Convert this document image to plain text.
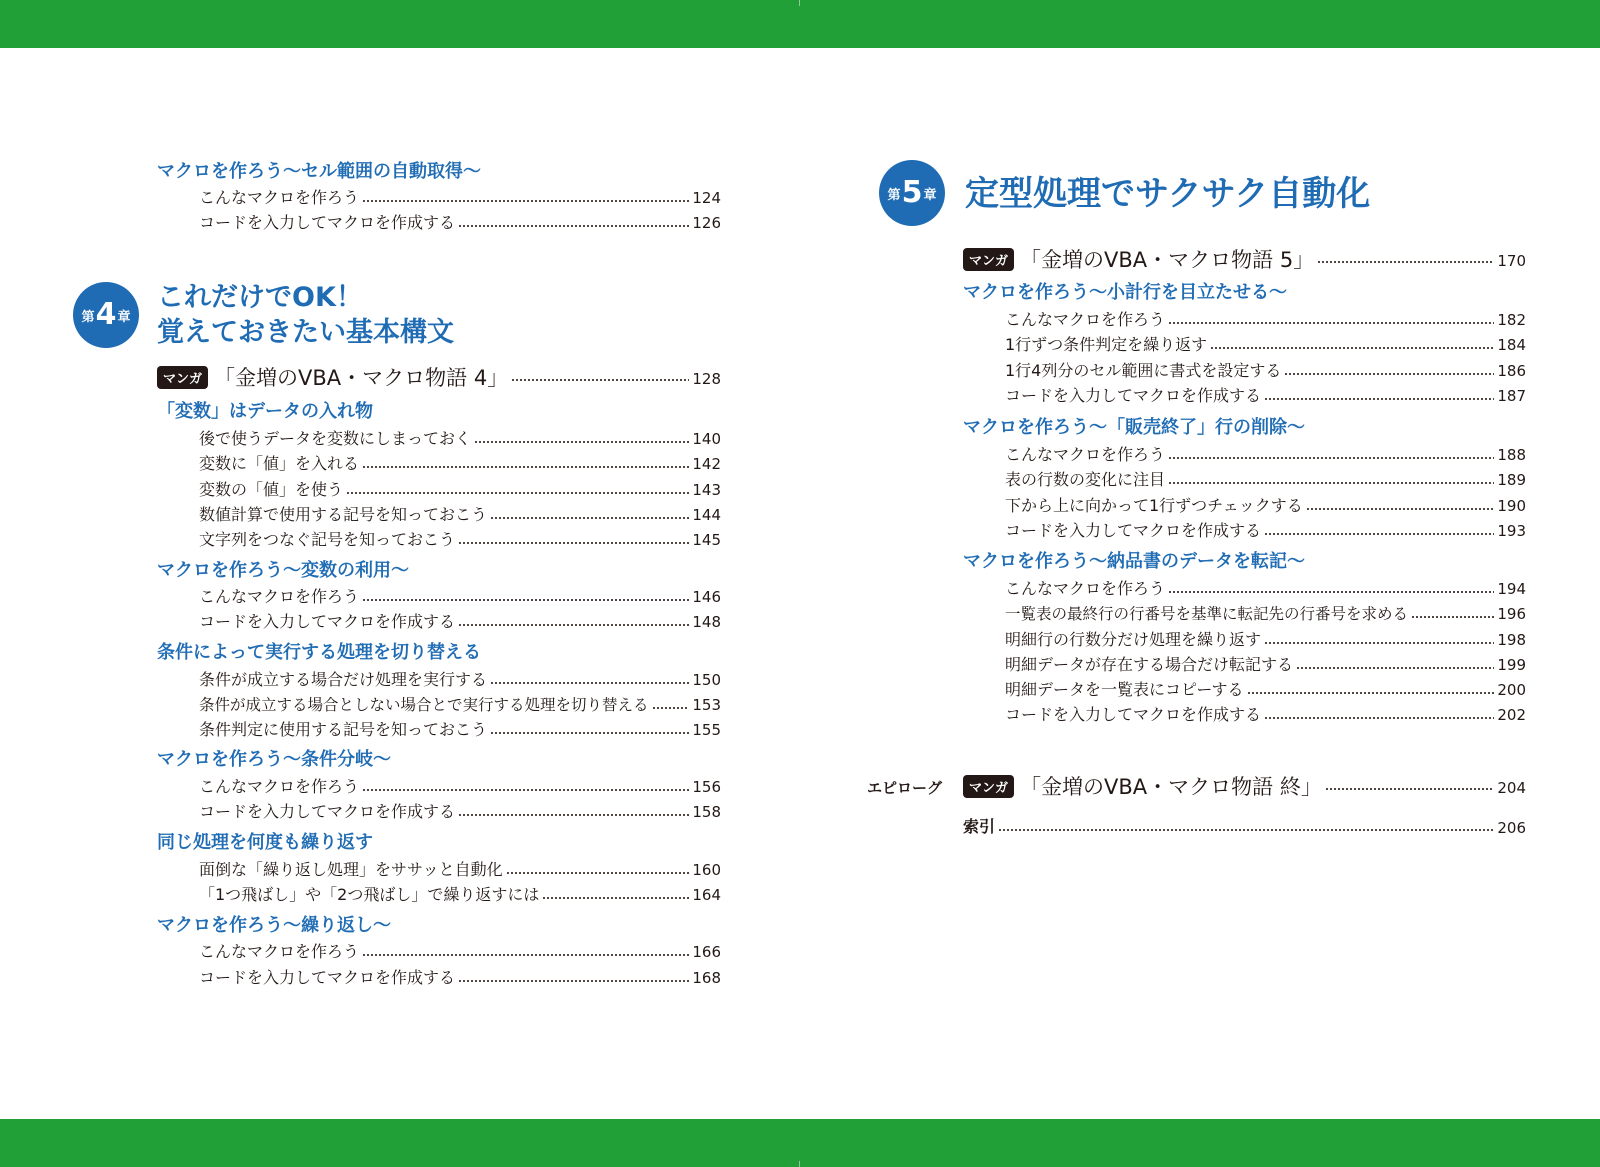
マクロを作ろう〜セル範囲の自動取得〜
こんなマクロを作ろう	124
コードを入力してマクロを作成する	126
第 4 章
これだけでOK！
覚えておきたい基本構文
マンガ 「金増のVBA・マクロ物語 4」	128
「変数」はデータの入れ物
後で使うデータを変数にしまっておく	140
変数に「値」を入れる	142
変数の「値」を使う	143
数値計算で使用する記号を知っておこう	144
文字列をつなぐ記号を知っておこう	145
マクロを作ろう〜変数の利用〜
こんなマクロを作ろう	146
コードを入力してマクロを作成する	148
条件によって実行する処理を切り替える
条件が成立する場合だけ処理を実行する	150
条件が成立する場合としない場合とで実行する処理を切り替える	153
条件判定に使用する記号を知っておこう	155
マクロを作ろう〜条件分岐〜
こんなマクロを作ろう	156
コードを入力してマクロを作成する	158
同じ処理を何度も繰り返す
面倒な「繰り返し処理」をササッと自動化	160
「1つ飛ばし」や「2つ飛ばし」で繰り返すには	164
マクロを作ろう〜繰り返し〜
こんなマクロを作ろう	166
コードを入力してマクロを作成する	168
第 5 章 定型処理でサクサク自動化
マンガ 「金増のVBA・マクロ物語 5」	170
マクロを作ろう〜小計行を目立たせる〜
こんなマクロを作ろう	182
1行ずつ条件判定を繰り返す	184
1行4列分のセル範囲に書式を設定する	186
コードを入力してマクロを作成する	187
マクロを作ろう〜「販売終了」行の削除〜
こんなマクロを作ろう	188
表の行数の変化に注目	189
下から上に向かって1行ずつチェックする	190
コードを入力してマクロを作成する	193
マクロを作ろう〜納品書のデータを転記〜
こんなマクロを作ろう	194
一覧表の最終行の行番号を基準に転記先の行番号を求める	196
明細行の行数分だけ処理を繰り返す	198
明細データが存在する場合だけ転記する	199
明細データを一覧表にコピーする	200
コードを入力してマクロを作成する	202
マンガ 「金増のVBA・マクロ物語 終」	204
索引	206
エピローグ
